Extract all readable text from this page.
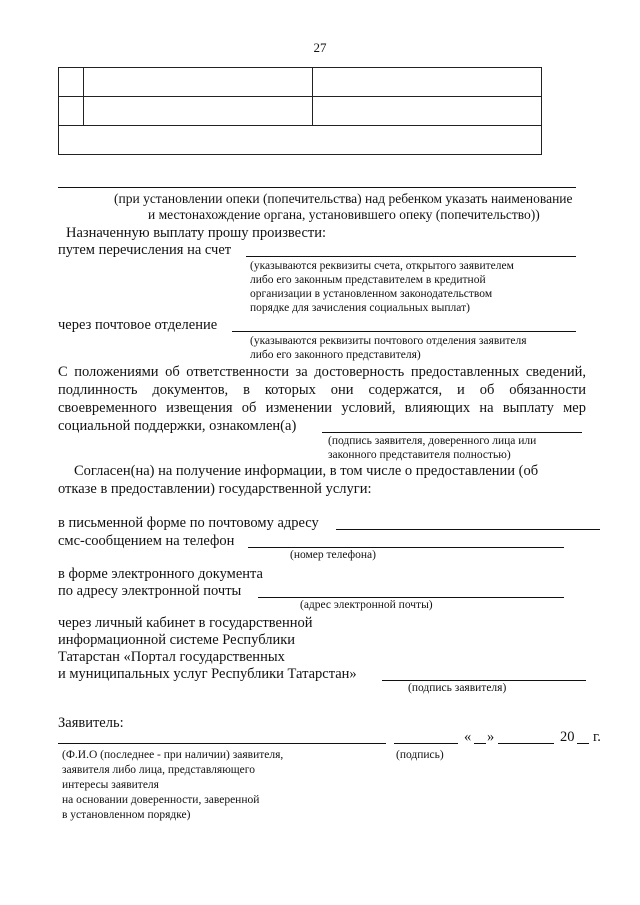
27

(при установлении опеки (попечительства) над ребенком указать наименование
и местонахождение органа, установившего опеку (попечительство))
Назначенную выплату прошу произвести:
путем перечисления на счет
(указываются реквизиты счета, открытого заявителем
либо его законным представителем в кредитной
организации в установленном законодательством
порядке для зачисления социальных выплат)
через почтовое отделение
(указываются реквизиты почтового отделения заявителя
либо его законного представителя)
С положениями об ответственности за достоверность предоставленных сведений,
подлинность документов, в которых они содержатся, и об обязанности
своевременного извещения об изменении условий, влияющих на выплату мер
социальной поддержки, ознакомлен(а)
(подпись заявителя, доверенного лица или
законного представителя полностью)
Согласен(на) на получение информации, в том числе о предоставлении (об
отказе в предоставлении) государственной услуги:
в письменной форме по почтовому адресу
смс-сообщением на телефон
(номер телефона)
в форме электронного документа
по адресу электронной почты
(адрес электронной почты)
через личный кабинет в государственной
информационной системе Республики
Татарстан «Портал государственных
и муниципальных услуг Республики Татарстан»
(подпись заявителя)
Заявитель:
« »	20 г.
(Ф.И.О (последнее - при наличии) заявителя,
заявителя либо лица, представляющего
интересы заявителя
на основании доверенности, заверенной
в установленном порядке)
(подпись)
